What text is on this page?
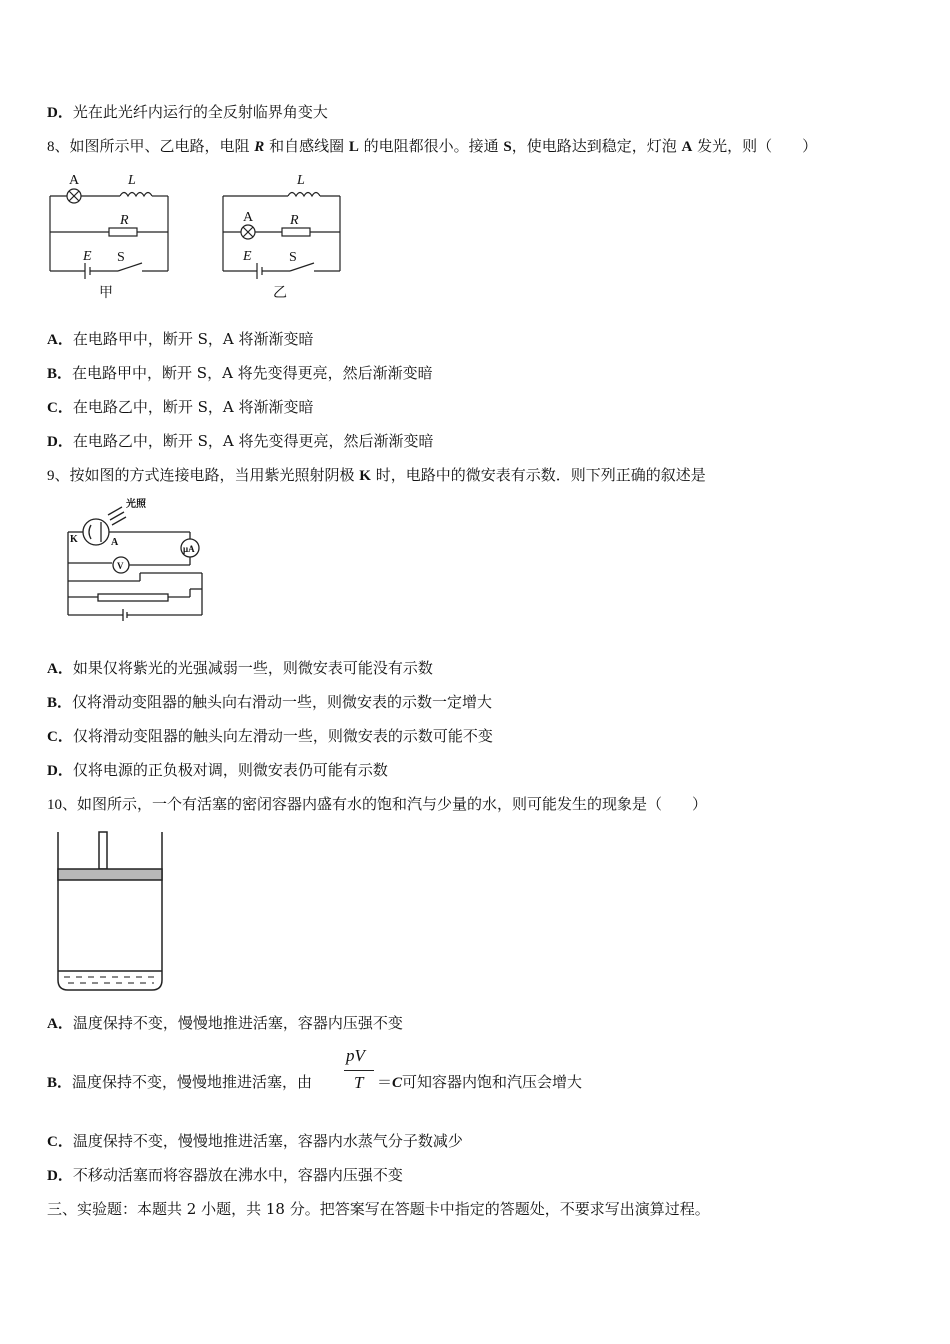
D．光在此光纤内运行的全反射临界角变大
8、如图所示甲、乙电路，电阻 R 和自感线圈 L 的电阻都很小。接通 S，使电路达到稳定，灯泡 A 发光，则（　　）
A	L
R
E S
甲
A
L
R
E	S
乙
A．在电路甲中，断开 S，A 将渐渐变暗
B．在电路甲中，断开 S，A 将先变得更亮，然后渐渐变暗
C．在电路乙中，断开 S，A 将渐渐变暗
D．在电路乙中，断开 S，A 将先变得更亮，然后渐渐变暗
9、按如图的方式连接电路，当用紫光照射阴极 K 时，电路中的微安表有示数．则下列正确的叙述是
光照
K	A
μA
V
A．如果仅将紫光的光强减弱一些，则微安表可能没有示数
B．仅将滑动变阻器的触头向右滑动一些，则微安表的示数一定增大
C．仅将滑动变阻器的触头向左滑动一些，则微安表的示数可能不变
D．仅将电源的正负极对调，则微安表仍可能有示数
10、如图所示，一个有活塞的密闭容器内盛有水的饱和汽与少量的水，则可能发生的现象是（　　）
A．温度保持不变，慢慢地推进活塞，容器内压强不变
B．温度保持不变，慢慢地推进活塞，由
pV
T ＝C可知容器内饱和汽压会增大
C．温度保持不变，慢慢地推进活塞，容器内水蒸气分子数减少
D．不移动活塞而将容器放在沸水中，容器内压强不变
三、实验题：本题共 2 小题，共 18 分。把答案写在答题卡中指定的答题处，不要求写出演算过程。
